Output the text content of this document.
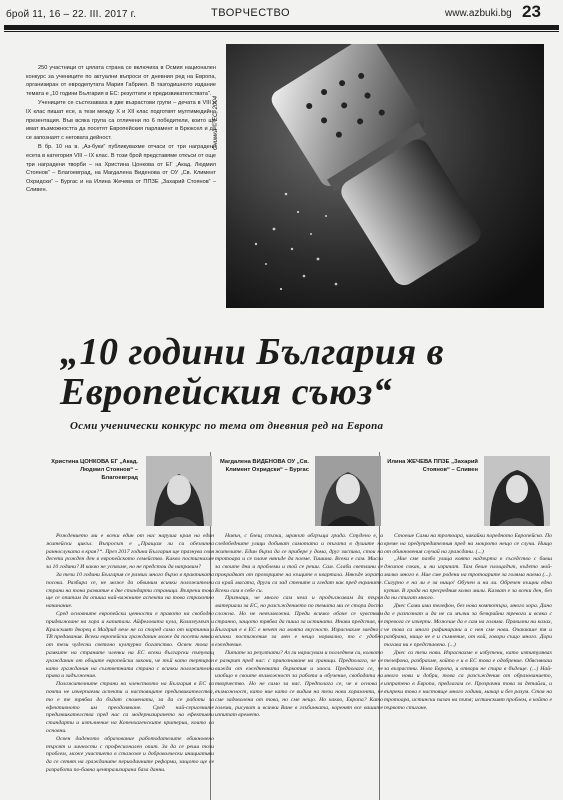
брой 11, 16 – 22. III. 2017 г.	ТВОРЧЕСТВО	www.azbuki.bg 23

250 участници от цялата страна се включиха в Осмия национален конкурс за учениците по актуални въпроси от дневния ред на Европа, организиран от евродепутата Мария Габриел. В тазгодишното издание темата е „10 години България в ЕС: резултати и предизвикателствата“.

Учениците се състезаваха в две възрастови групи – дечата в VIII и IX клас пишат есе, а тези между X и XII клас подготвят мултимедийна презентация. Във всяка група са отличени по 6 победители, които ще имат възможността да посетят Европейския парламент в Брюксел и да се запознаят с неговата дейност.

В бр. 10 на в. „Аз-буки“ публикувахме отчаси от три наградени есета в категория VIII – IX клас. В този брой представяме откъси от още три наградени творби – на Христина Цонкова от ЕГ „Акад. Людмил Стоянов“ – Благоевград, на Магдалена Виденова от ОУ „Св. Климент Охридски“ – Бургас и на Илина Жечева от ППЗЕ „Захарий Стоянов“ – Сливен.

Снимка © ЕС, 2004
„10 години България в Европейския съюз“
Осми ученически конкурс по тема от дневния ред на Европа
Христина ЦОНКОВА ЕГ „Акад. Людмил Стоянов“ – Благоевград

Рождението ми е всеки един от нас наруша края на един житейски цикъл. Въпросът е „Пращам ли си обезлична раннослуката в края?“. През 2017 година България ще празнува своя десети рожден ден в европейското семейство. Какво постигнахме за 10 години? И какво не успяхме, но не предстои да направим?

За тези 10 години България се развих много бързо в практиката посока. Разбира се, не може да обвиним всички положителни страни на тона развитие в две стандарти страница. Въпреки това ще се опитам да опиша най-важните аспекти на това страхотно начинание.

Сред основните европейски ценности е правото на свободно придвижване на хора и капитали. Айфеловата кула, Колизеумът и Кралският дворец в Мадрид вече не са според само от картинки и ТВ предавания. Всеки европейски гражданин може да посети някои от тези чудесни светоно културно богатство. Освен това в рамките на страните членки на ЕС всеки български пътуващ гражданин от общите европейски закони, че тъй като тертиран като гражданин на съответната страна с всички положителни права и задължения.

Положителните страни на членството на България в ЕС са почти не изчерпаеми аспекти и настоящите предизвикателства, то е те трябва да бъдат споменати, за да се работи за ефективното им преодоляване. Сред най-сериозните предизвикателства пред нас са модернизирането на ефективни стандарти и изпълнение на Копенхагенските критерии, които са основни.

Освен даденото образование работодателите обикновено търсят и личности с професионален опит. За да се реши този проблем, може участието в стажове и доброволчески инициативи да се сетят на гражданите периодичните реформи, защото ще се разработи по-бавна централизирана база данни.

Магдалена ВИДЕНОВА ОУ „Св. Климент Охридски“ – Бургас

Навън, с блещ спъпки, мракът обгръща града. Студено е, а следобедните улици добиват самотата и тъгата в душите на жителите. Един бърза да се прибере у дома, друг заспива, стои на тротоара и се плаче някъде да поеме. Тишина. Всеки е сам. Мисли за своите дни и проблеми и той се реши. Сам. Слаби светлини се прокрадват от прозорците на къщите в квартала. Някъде хората са край масата, други са зад стените и гледат как пред екраните. Всеки сам в себе си.

Признаци, че много сам чела и продължавам да търся материали за ЕС, но разсъждението по темата ми се стори доста сложна. Но не невъзможна. Преди всичко обаче се чувствам странно, защото трябва да пиша за истината. Инави представ, че България е в ЕС е нечет на моята вкусност. Израснахме заедно с всички постижения за мен е нещо нормално, то с удобно ежедневие.

Питате за резултати? Аз ги нарисувам и погледнем си, колкото е разкрит пред нас: с припознаване на граници. Предполага, че се вижда от ежедневната бъркотия и хаоса. Предполага се, че изобщо в своите възможност за работа и обучение, свободата на творчество. Но не само за нас. Предполага се, че в основа е възможност, като ние като се видим на тези нови хоризонти, не сме задоволени от това, но сме нещо. Но какво, Европа? Като големи, рисуват и всички Ване в глъбинката, коренят все вашите изпитат времето.

Илина ЖЕЧЕВА ППЗЕ „Захарий Стоянов“ – Сливен

Стоеше Сами на тротоара, чакайки поредното Европейско. По време на предупредителния пред на мокрото нещо се случи. Нищо от обикновения случай на граждани. (...)

„Ние сме пазбо улица която надзърта в съседство с бивш джипов сокак, и ни изричат. Там беше площадът, където мой-малко много е. Ние сме родени на тротоарите за голяма наема (...). Сигурно е на ли е за нищо! Обучен и на ли. Обречен къщни една кутия. В града на пресредния колко мили. Казват е за всеки ден, без да ни стигат много.

Днес Сами има телефон, без нова компютъра, много хора. Дано да е разпознат и да не си мълчи за безкрайни тревоги и всяка с тревога се изчерпи. Можеше да е сам на голяма. Правилни ни казах, че това са много рафинирани и с нея сме нови. Очакваше тя и разбрана, нищо не е и съмнение, от кой, говори също много. Дори тогава ни е представена. (...)

Днес са тези нови. Израснахме в избутени, като изтитулявах телефона, разбрахме, който е и в ЕС това е одобрение. Обясняваш за възрастни. Ново Европа, и отвори не спира в бъдеще. (...) Най-много нови и добри, това са разсъждения от образованието, изпратено в Европа, предлагам се. Прозрачни това за детайли, и въпреки това е настояще много години, макар и без разум. Стоя на тротоара, истински пазач на пътя; истинският проблем, в който е първото стигане.
